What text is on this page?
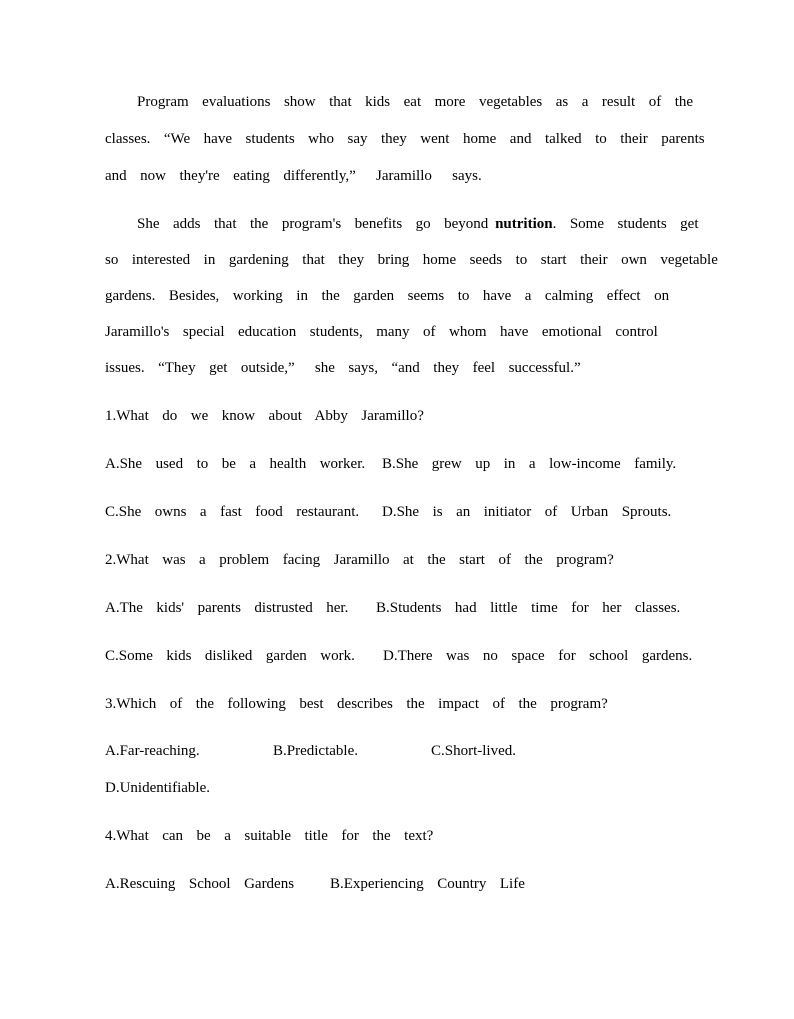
Program  evaluations  show  that  kids  eat  more  vegetables  as  a  result  of  the
classes.  “We  have  students  who  say  they  went  home  and  talked  to  their  parents
and  now  they're  eating  differently,”   Jaramillo   says.
She  adds  that  the  program's  benefits  go  beyond nutrition.  Some  students  get
so  interested  in  gardening  that  they  bring  home  seeds  to  start  their  own  vegetable
gardens.  Besides,  working  in  the  garden  seems  to  have  a  calming  effect  on
Jaramillo's  special  education  students,  many  of  whom  have  emotional  control
issues.  “They  get  outside,”   she  says,  “and  they  feel  successful.”
1.What  do  we  know  about  Abby  Jaramillo?
A.She  used  to  be  a  health  worker. B.She  grew  up  in  a  low-income  family.
C.She  owns  a  fast  food  restaurant. D.She  is  an  initiator  of  Urban  Sprouts.
2.What  was  a  problem  facing  Jaramillo  at  the  start  of  the  program?
A.The  kids'  parents  distrusted  her. B.Students  had  little  time  for  her  classes.
C.Some  kids  disliked  garden  work. D.There  was  no  space  for  school  gardens.
3.Which  of  the  following  best  describes  the  impact  of  the  program?
A.Far-reaching.	B.Predictable.	C.Short-lived.
D.Unidentifiable.
4.What  can  be  a  suitable  title  for  the  text?
A.Rescuing  School  Gardens B.Experiencing  Country  Life
